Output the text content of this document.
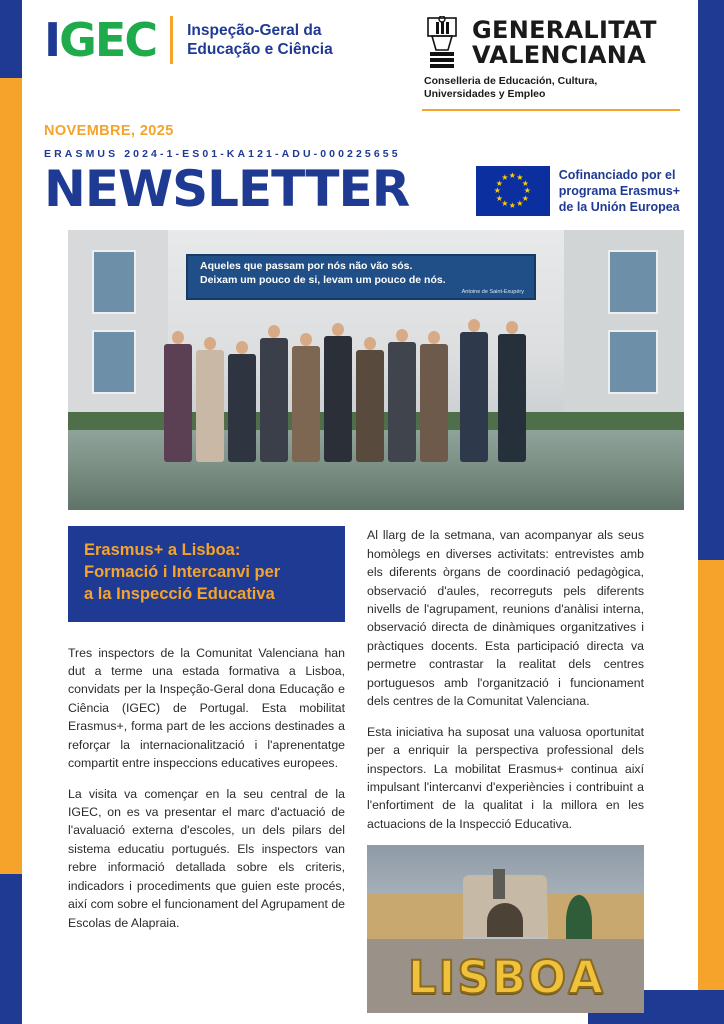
IGEC Inspeção-Geral da
Educação e Ciência
GENERALITAT
VALENCIANA
Conselleria de Educación, Cultura,
Universidades y Empleo
NOVEMBRE, 2025
ERASMUS 2024-1-ES01-KA121-ADU-000225655
NEWSLETTER	★ ★
★
★
★
★
★
★
★
★
★
★	Cofinanciado por el
programa Erasmus+
de la Unión Europea
Aqueles que passam por nós não vão sós.
Deixam um pouco de si, levam um pouco de nós.
Antoine de Saint-Exupéry
Erasmus+ a Lisboa:
Formació i Intercanvi per
a la Inspecció Educativa

Tres inspectors de la Comunitat Valenciana han dut a terme una estada formativa a Lisboa, convidats per la Inspeção-Geral dona Educação e Ciência (IGEC) de Portugal. Esta mobilitat Erasmus+, forma part de les accions destinades a reforçar la internacionalització i l'aprenentatge compartit entre inspeccions educatives europees.

La visita va començar en la seu central de la IGEC, on es va presentar el marc d'actuació de l'avaluació externa d'escoles, un dels pilars del sistema educatiu portugués. Els inspectors van rebre informació detallada sobre els criteris, indicadors i procediments que guien este procés, així com sobre el funcionament del Agrupament de Escolas de Alapraia.

Al llarg de la setmana, van acompanyar als seus homòlegs en diverses activitats: entrevistes amb els diferents òrgans de coordinació pedagògica, observació d'aules, recorreguts pels diferents nivells de l'agrupament, reunions d'anàlisi interna, observació directa de dinàmiques organitzatives i pràctiques docents. Esta participació directa va permetre contrastar la realitat dels centres portuguesos amb l'organització i funcionament dels centres de la Comunitat Valenciana.

Esta iniciativa ha suposat una valuosa oportunitat per a enriquir la perspectiva professional dels inspectors. La mobilitat Erasmus+ continua així impulsant l'intercanvi d'experiències i contribuint a l'enfortiment de la qualitat i la millora en les actuacions de la Inspecció Educativa.

L I S B O A
